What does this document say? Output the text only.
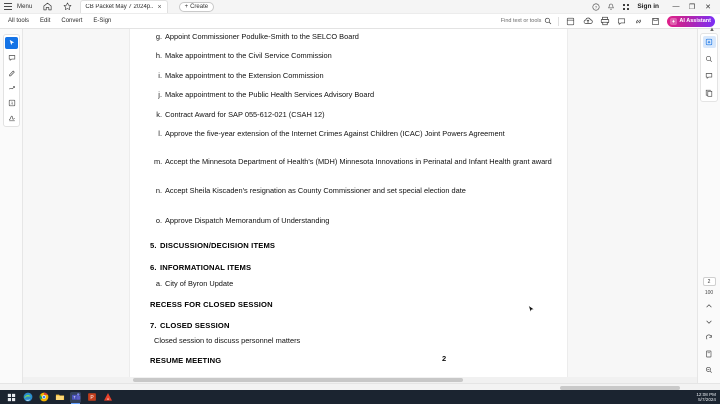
Menu	CB Packet May 7 2024p.. ×	+ Create	?	Sign in	—	❐	✕
All tools Edit Convert E-Sign	Find text or tools	AI Assistant
A
g. Appoint Commissioner Podulke-Smith to the SELCO Board
h. Make appointment to the Civil Service Commission
i. Make appointment to the Extension Commission
j. Make appointment to the Public Health Services Advisory Board
k. Contract Award for SAP 055-612-021 (CSAH 12)
l. Approve the five-year extension of the Internet Crimes Against Children (ICAC) Joint Powers Agreement
m. Accept the Minnesota Department of Health's (MDH) Minnesota Innovations in Perinatal and Infant Health grant award
n. Accept Sheila Kiscaden's resignation as County Commissioner and set special election date
o. Approve Dispatch Memorandum of Understanding
5. DISCUSSION/DECISION ITEMS
6. INFORMATIONAL ITEMS
a. City of Byron Update
RECESS FOR CLOSED SESSION
7. CLOSED SESSION
Closed session to discuss personnel matters
RESUME MEETING	2
▲
2
100
T P	A
12:08 PM
5/7/2024
